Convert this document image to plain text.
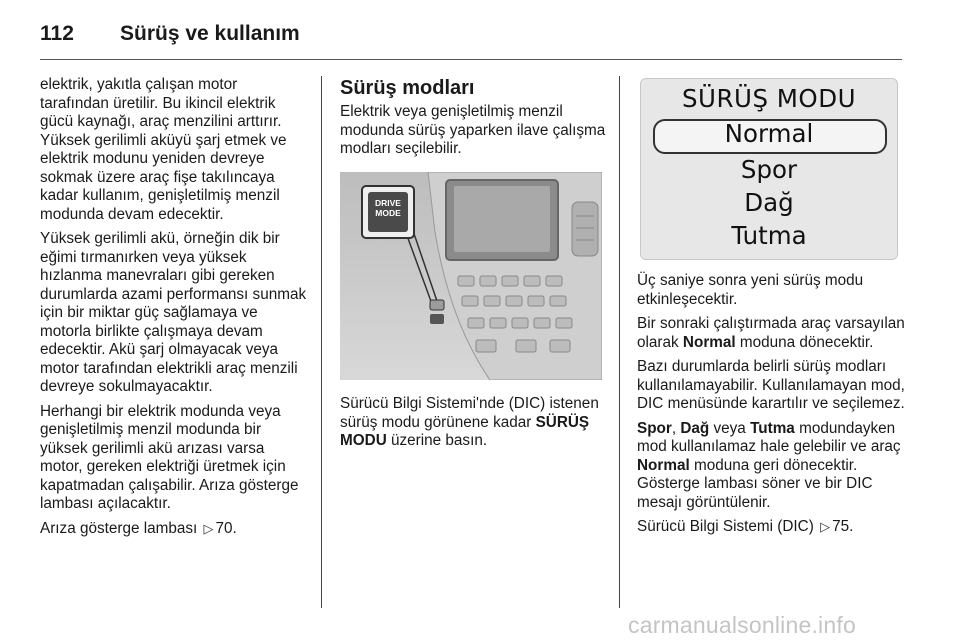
112 Sürüş ve kullanım

elektrik, yakıtla çalışan motor tarafından üretilir. Bu ikincil elektrik gücü kaynağı, araç menzilini arttırır. Yüksek gerilimli aküyü şarj etmek ve elektrik modunu yeniden devreye sokmak üzere araç fişe takılıncaya kadar kullanım, genişletilmiş menzil modunda devam edecektir.

Yüksek gerilimli akü, örneğin dik bir eğimi tırmanırken veya yüksek hızlanma manevraları gibi gereken durumlarda azami performansı sunmak için bir miktar güç sağlamaya ve motorla birlikte çalışmaya devam edecektir. Akü şarj olmayacak veya motor tarafından elektrikli araç menzili devreye sokulmayacaktır.

Herhangi bir elektrik modunda veya genişletilmiş menzil modunda bir yüksek gerilimli akü arızası varsa motor, gereken elektriği üretmek için kapatmadan çalışabilir. Arıza gösterge lambası açılacaktır.

Arıza gösterge lambası ▷ 70.

Sürüş modları

Elektrik veya genişletilmiş menzil modunda sürüş yaparken ilave çalışma modları seçilebilir.

DRIVE
MODE

Sürücü Bilgi Sistemi'nde (DIC) istenen sürüş modu görünene kadar SÜRÜŞ MODU üzerine basın.

SÜRÜŞ MODU
Normal
Spor
Dağ
Tutma

Üç saniye sonra yeni sürüş modu etkinleşecektir.

Bir sonraki çalıştırmada araç varsayılan olarak Normal moduna dönecektir.

Bazı durumlarda belirli sürüş modları kullanılamayabilir. Kullanılamayan mod, DIC menüsünde karartılır ve seçilemez.

Spor, Dağ veya Tutma modundayken mod kullanılamaz hale gelebilir ve araç Normal moduna geri dönecektir. Gösterge lambası söner ve bir DIC mesajı görüntülenir.

Sürücü Bilgi Sistemi (DIC) ▷ 75.

carmanualsonline.info
